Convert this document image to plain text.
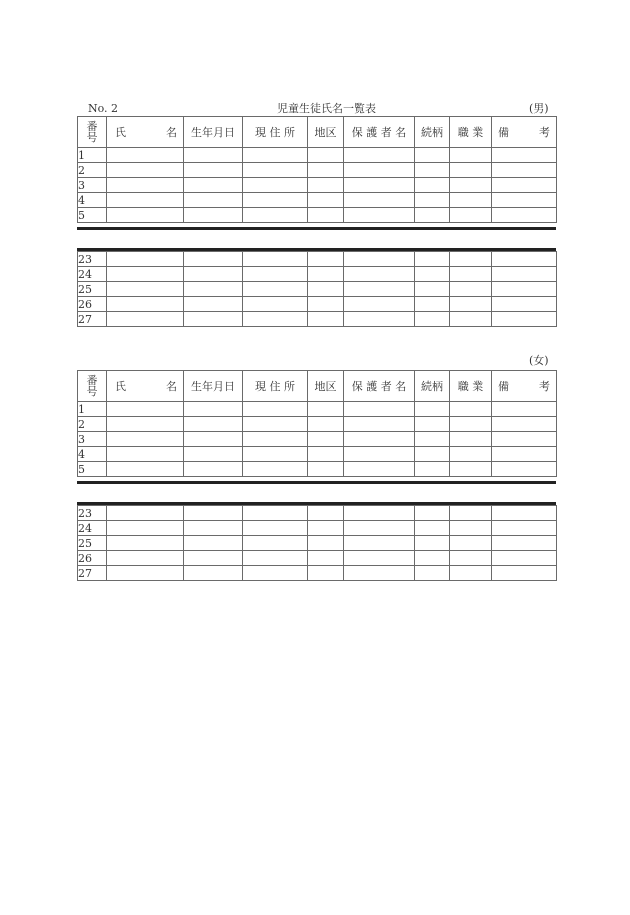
No. 2	児童生徒氏名一覧表	(男)
番
号	氏 名	生年月日	現 住 所	地区	保 護 者 名	続柄	職 業	備 考

1								
2								
3								
4								
5								
23								
24								
25								
26								
27								
(女)
番
号	氏 名	生年月日	現 住 所	地区	保 護 者 名	続柄	職 業	備 考

1								
2								
3								
4								
5								
23								
24								
25								
26								
27								
